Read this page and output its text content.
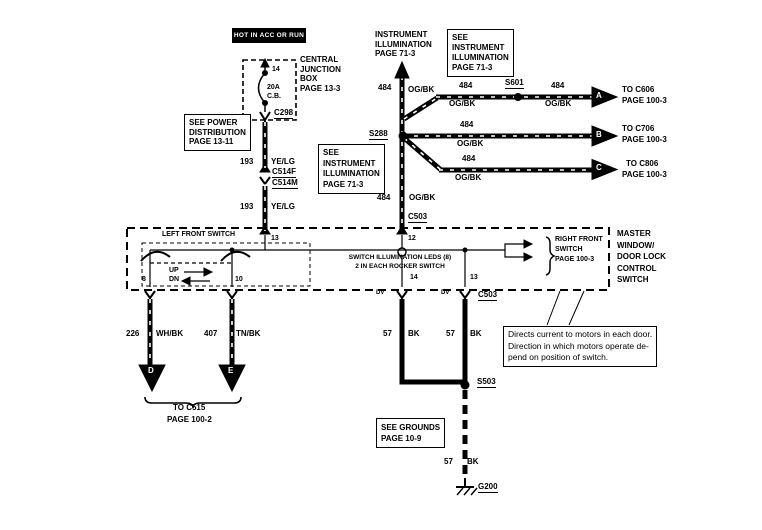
HOT IN ACC OR RUN
14
20A
C.B.
CENTRAL
JUNCTION
BOX
PAGE 13-3
C298
SEE POWER
DISTRIBUTION
PAGE 13-11
193 YE/LG
C514F
C514M
193 YE/LG
INSTRUMENT
ILLUMINATION
PAGE 71-3
SEE
INSTRUMENT
ILLUMINATION
PAGE 71-3
484 OG/BK	484
OG/BK
S601	484
OG/BK
A
TO C606
PAGE 100-3
S288
484
OG/BK
B
TO C706
PAGE 100-3
484
OG/BK
C	TO C806
PAGE 100-3
SEE
INSTRUMENT
ILLUMINATION
PAGE 71-3
484 OG/BK
C503
LEFT FRONT SWITCH
13	12
UP
DN
8	10	14	13
SWITCH ILLUMINATION LEDS (8)
2 IN EACH ROCKER SWITCH
RIGHT FRONT
SWITCH
PAGE 100-3
MASTER
WINDOW/
DOOR LOCK
CONTROL
SWITCH
C503
DV	DV
226 WH/BK	407 TN/BK
D	E
TO C515
PAGE 100-2
57 BK	57 BK
S503
SEE GROUNDS
PAGE 10-9
57 BK
G200
Directs current to motors in each door.
Direction in which motors operate de-
pend on position of switch.
